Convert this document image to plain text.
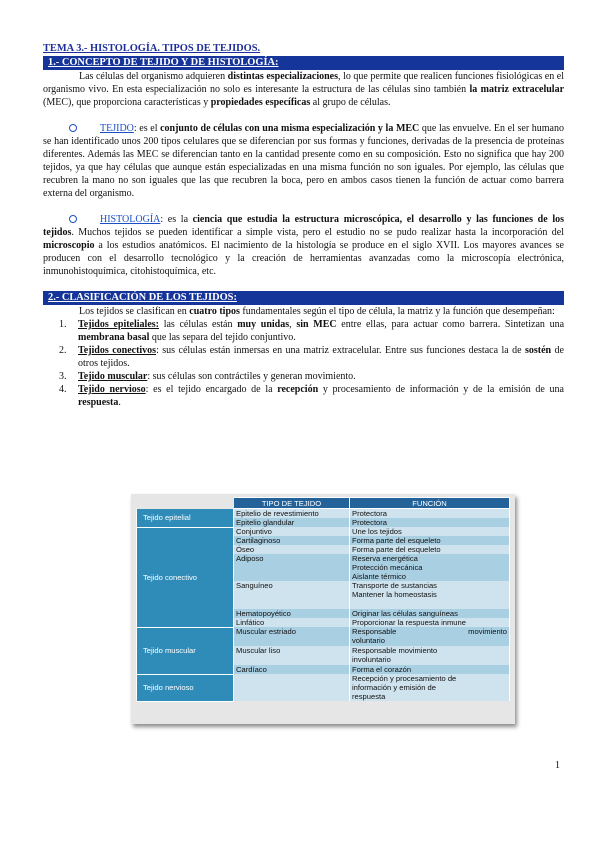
TEMA 3.- HISTOLOGÍA. TIPOS DE TEJIDOS.
1.- CONCEPTO DE TEJIDO Y DE HISTOLOGÍA:

Las células del organismo adquieren distintas especializaciones, lo que permite que realicen funciones fisiológicas en el organismo vivo. En esta especialización no solo es interesante la estructura de las células sino también la matriz extracelular (MEC), que proporciona características y propiedades específicas al grupo de células.

TEJIDO: es el conjunto de células con una misma especialización y la MEC que las envuelve. En el ser humano se han identificado unos 200 tipos celulares que se diferencian por sus formas y funciones, derivadas de la presencia de proteínas diferentes. Además las MEC se diferencian tanto en la cantidad presente como en su composición. Esto no significa que hay 200 tejidos, ya que hay células que aunque están especializadas en una misma función no son iguales. Por ejemplo, las células que recubren la mano no son iguales que las que recubren la boca, pero en ambos casos tienen la función de actuar como barrera externa del organismo.

HISTOLOGÍA: es la ciencia que estudia la estructura microscópica, el desarrollo y las funciones de los tejidos. Muchos tejidos se pueden identificar a simple vista, pero el estudio no se pudo realizar hasta la incorporación del microscopio a los estudios anatómicos. El nacimiento de la histología se produce en el siglo XVII. Los mayores avances se producen con el desarrollo tecnológico y la creación de herramientas avanzadas como la microscopía electrónica, inmunohistoquímica, citohistoquímica, etc.

2.- CLASIFICACIÓN DE LOS TEJIDOS:

Los tejidos se clasifican en cuatro tipos fundamentales según el tipo de célula, la matriz y la función que desempeñan:

1. Tejidos epiteliales: las células están muy unidas, sin MEC entre ellas, para actuar como barrera. Sintetizan una membrana basal que las separa del tejido conjuntivo.
2. Tejidos conectivos: sus células están inmersas en una matriz extracelular. Entre sus funciones destaca la de sostén de otros tejidos.
3. Tejido muscular: sus células son contráctiles y generan movimiento.
4. Tejido nervioso: es el tejido encargado de la recepción y procesamiento de información y de la emisión de una respuesta.
	TIPO DE TEJIDO	FUNCIÓN
Tejido epitelial	Epitelio de revestimiento	Protectora
	Epitelio glandular	Protectora
Tejido conectivo	Conjuntivo	Une los tejidos
	Cartilaginoso	Forma parte del esqueleto
	Óseo	Forma parte del esqueleto
	Adiposo	Reserva energética
Protección mecánica
Aislante térmico

	Sanguíneo	Transporte de sustancias
Mantener la homeostasis

	Hematopoyético	Originar las células sanguíneas
	Linfático	Proporcionar la respuesta inmune
Tejido muscular	Muscular estriado	Responsable movimiento
voluntario

	Muscular liso	Responsable movimiento
involuntario

	Cardíaco	Forma el corazón
Tejido nervioso		Recepción y procesamiento de
información y emisión de
respuesta
1
